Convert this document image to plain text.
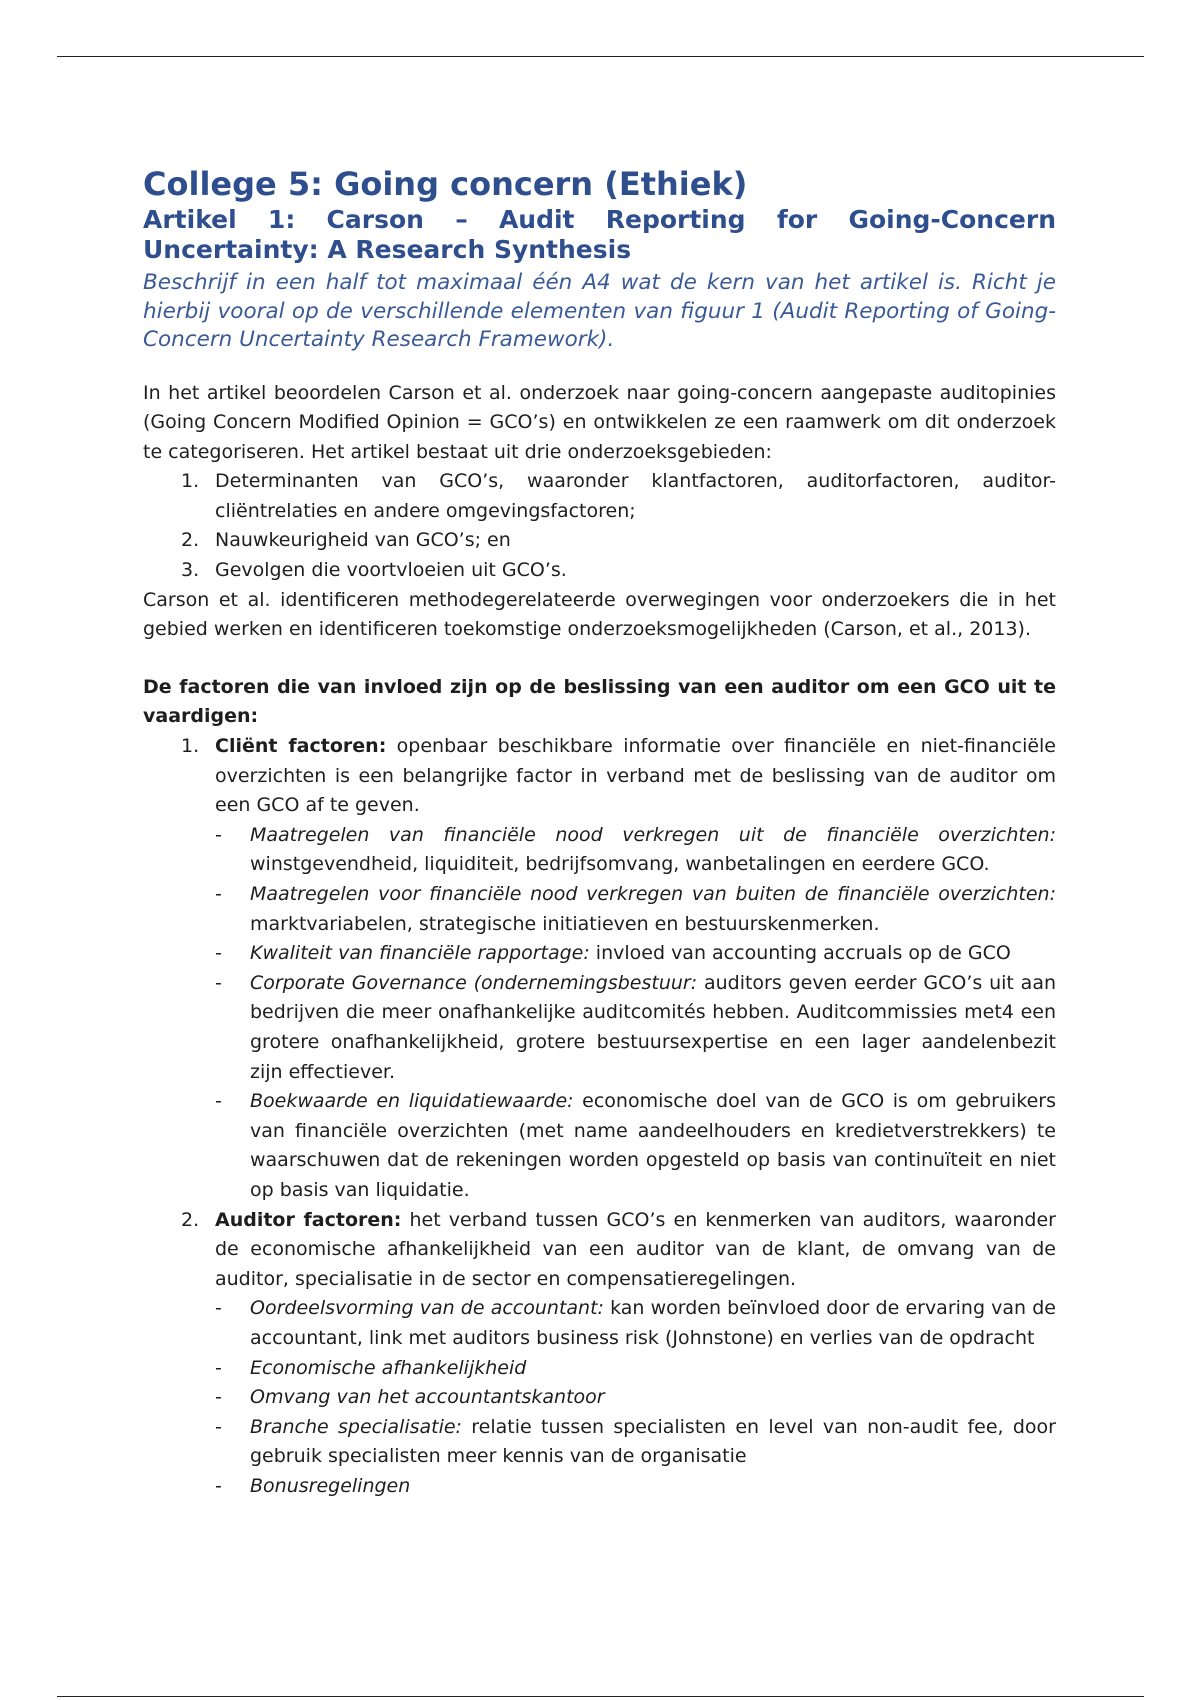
College 5: Going concern (Ethiek)
Artikel 1: Carson – Audit Reporting for Going-Concern Uncertainty: A Research Synthesis

Beschrijf in een half tot maximaal één A4 wat de kern van het artikel is. Richt je hierbij vooral op de verschillende elementen van figuur 1 (Audit Reporting of Going-Concern Uncertainty Research Framework).

In het artikel beoordelen Carson et al. onderzoek naar going-concern aangepaste auditopinies (Going Concern Modified Opinion = GCO’s) en ontwikkelen ze een raamwerk om dit onderzoek te categoriseren. Het artikel bestaat uit drie onderzoeksgebieden:

1. Determinanten van GCO’s, waaronder klantfactoren, auditorfactoren, auditor-cliëntrelaties en andere omgevingsfactoren;
2. Nauwkeurigheid van GCO’s; en
3. Gevolgen die voortvloeien uit GCO’s.

Carson et al. identificeren methodegerelateerde overwegingen voor onderzoekers die in het gebied werken en identificeren toekomstige onderzoeksmogelijkheden (Carson, et al., 2013).

De factoren die van invloed zijn op de beslissing van een auditor om een GCO uit te vaardigen:

1. Cliënt factoren: openbaar beschikbare informatie over financiële en niet-financiële overzichten is een belangrijke factor in verband met de beslissing van de auditor om een GCO af te geven.
- Maatregelen van financiële nood verkregen uit de financiële overzichten: winstgevendheid, liquiditeit, bedrijfsomvang, wanbetalingen en eerdere GCO.
- Maatregelen voor financiële nood verkregen van buiten de financiële overzichten: marktvariabelen, strategische initiatieven en bestuurskenmerken.
- Kwaliteit van financiële rapportage: invloed van accounting accruals op de GCO
- Corporate Governance (ondernemingsbestuur: auditors geven eerder GCO’s uit aan bedrijven die meer onafhankelijke auditcomités hebben. Auditcommissies met4 een grotere onafhankelijkheid, grotere bestuursexpertise en een lager aandelenbezit zijn effectiever.
- Boekwaarde en liquidatiewaarde: economische doel van de GCO is om gebruikers van financiële overzichten (met name aandeelhouders en kredietverstrekkers) te waarschuwen dat de rekeningen worden opgesteld op basis van continuïteit en niet op basis van liquidatie.
2. Auditor factoren: het verband tussen GCO’s en kenmerken van auditors, waaronder de economische afhankelijkheid van een auditor van de klant, de omvang van de auditor, specialisatie in de sector en compensatieregelingen.
- Oordeelsvorming van de accountant: kan worden beïnvloed door de ervaring van de accountant, link met auditors business risk (Johnstone) en verlies van de opdracht
- Economische afhankelijkheid
- Omvang van het accountantskantoor
- Branche specialisatie: relatie tussen specialisten en level van non-audit fee, door gebruik specialisten meer kennis van de organisatie
- Bonusregelingen
